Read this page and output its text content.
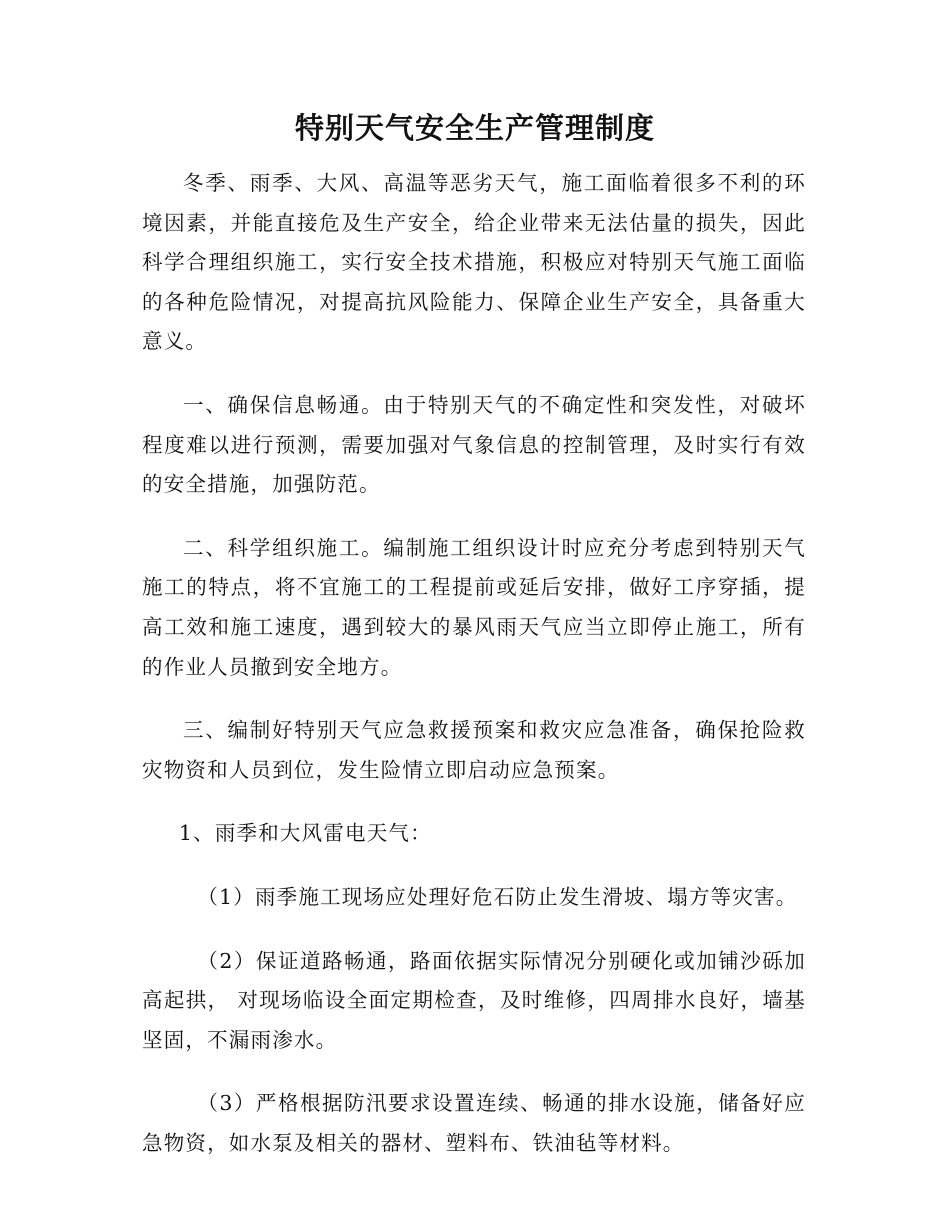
特别天气安全生产管理制度

冬季、雨季、大风、高温等恶劣天气，施工面临着很多不利的环境因素，并能直接危及生产安全，给企业带来无法估量的损失，因此科学合理组织施工，实行安全技术措施，积极应对特别天气施工面临的各种危险情况，对提高抗风险能力、保障企业生产安全，具备重大意义。

一、确保信息畅通。由于特别天气的不确定性和突发性，对破坏程度难以进行预测，需要加强对气象信息的控制管理，及时实行有效的安全措施，加强防范。

二、科学组织施工。编制施工组织设计时应充分考虑到特别天气施工的特点，将不宜施工的工程提前或延后安排，做好工序穿插，提高工效和施工速度，遇到较大的暴风雨天气应当立即停止施工，所有的作业人员撤到安全地方。

三、编制好特别天气应急救援预案和救灾应急准备，确保抢险救灾物资和人员到位，发生险情立即启动应急预案。

1、雨季和大风雷电天气：

（1）雨季施工现场应处理好危石防止发生滑坡、塌方等灾害。

（2）保证道路畅通，路面依据实际情况分别硬化或加铺沙砾加高起拱， 对现场临设全面定期检查，及时维修，四周排水良好，墙基坚固，不漏雨渗水。

（3）严格根据防汛要求设置连续、畅通的排水设施，储备好应急物资，如水泵及相关的器材、塑料布、铁油毡等材料。
